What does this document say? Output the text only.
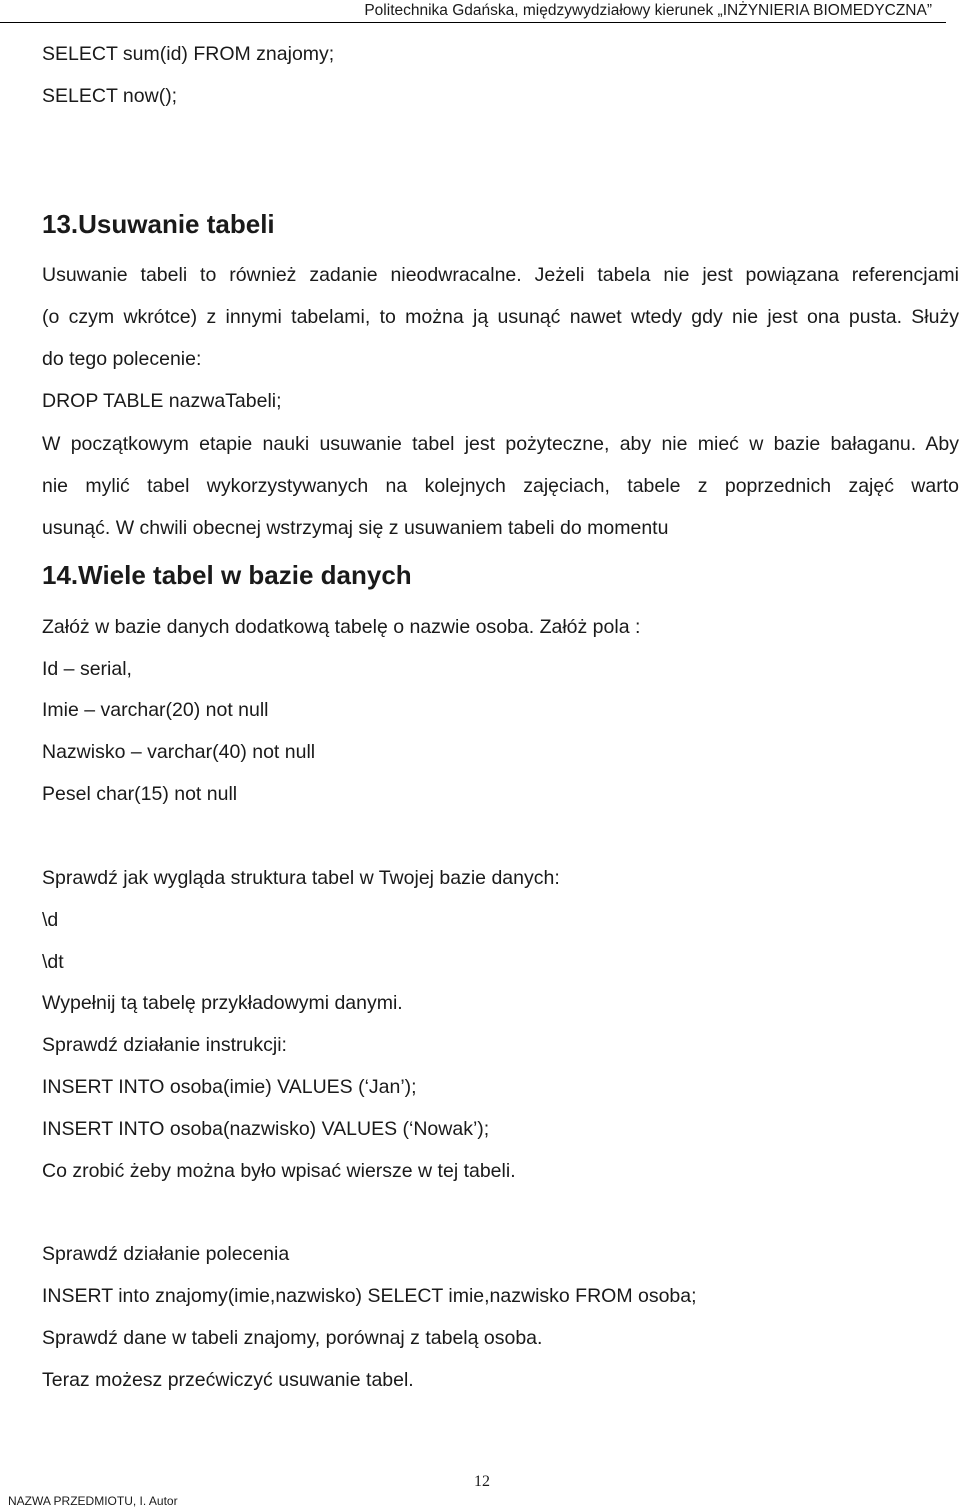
Politechnika Gdańska, międzywydziałowy kierunek „INŻYNIERIA BIOMEDYCZNA”
SELECT sum(id) FROM znajomy;
SELECT now();
13.Usuwanie tabeli
Usuwanie tabeli to również zadanie nieodwracalne. Jeżeli tabela nie jest powiązana referencjami
(o czym wkrótce) z innymi tabelami, to można ją usunąć nawet wtedy gdy nie jest ona pusta. Służy
do tego polecenie:
DROP TABLE nazwaTabeli;
W początkowym etapie nauki usuwanie tabel jest pożyteczne, aby nie mieć w bazie bałaganu. Aby
nie mylić tabel wykorzystywanych na kolejnych zajęciach, tabele z poprzednich zajęć warto
usunąć. W chwili obecnej wstrzymaj się z usuwaniem tabeli do momentu
14.Wiele tabel w bazie danych
Załóż w bazie danych dodatkową tabelę o nazwie osoba. Załóż pola :
Id – serial,
Imie – varchar(20) not null
Nazwisko – varchar(40) not null
Pesel char(15) not null
Sprawdź jak wygląda struktura tabel w Twojej bazie danych:
\d
\dt
Wypełnij tą tabelę przykładowymi danymi.
Sprawdź działanie instrukcji:
INSERT INTO osoba(imie) VALUES (‘Jan’);
INSERT INTO osoba(nazwisko) VALUES (‘Nowak’);
Co zrobić żeby można było wpisać wiersze w tej tabeli.
Sprawdź działanie polecenia
INSERT into znajomy(imie,nazwisko) SELECT imie,nazwisko FROM osoba;
Sprawdź dane w tabeli znajomy, porównaj z tabelą osoba.
Teraz możesz przećwiczyć usuwanie tabel.
12
NAZWA PRZEDMIOTU, I. Autor
